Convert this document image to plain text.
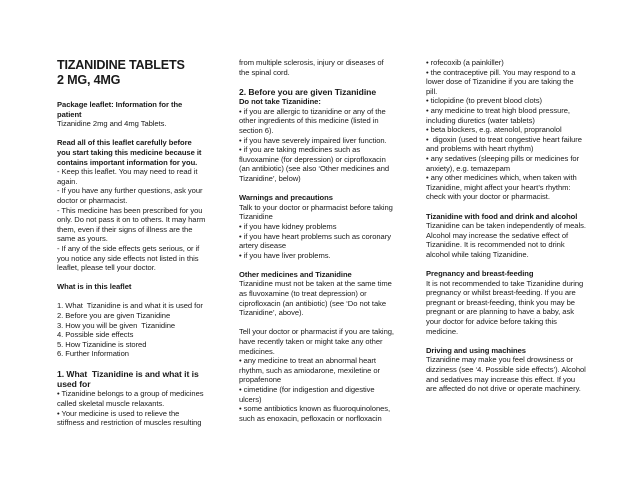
TIZANIDINE TABLETS
2 MG, 4MG
Package leaflet: Information for the patient
Tizanidine 2mg and 4mg Tablets.
Read all of this leaflet carefully before you start taking this medicine because it contains important information for you.
- Keep this leaflet. You may need to read it again.
- If you have any further questions, ask your doctor or pharmacist.
- This medicine has been prescribed for you only. Do not pass it on to others. It may harm them, even if their signs of illness are the same as yours.
- If any of the side effects gets serious, or if you notice any side effects not listed in this leaflet, please tell your doctor.
What is in this leaflet
1. What  Tizanidine is and what it is used for
2. Before you are given Tizanidine
3. How you will be given  Tizanidine
4. Possible side effects
5. How Tizanidine is stored
6. Further Information
1. What  Tizanidine is and what it is used for
• Tizanidine belongs to a group of medicines called skeletal muscle relaxants.
• Your medicine is used to relieve the stiffness and restriction of muscles resulting
from multiple sclerosis, injury or diseases of the spinal cord.
2. Before you are given Tizanidine
Do not take Tizanidine:
• if you are allergic to tizanidine or any of the other ingredients of this medicine (listed in section 6).
• if you have severely impaired liver function.
• if you are taking medicines such as fluvoxamine (for depression) or ciprofloxacin (an antibiotic) (see also ‘Other medicines and Tizanidine’, below)
Warnings and precautions
Talk to your doctor or pharmacist before taking Tizanidine
• if you have kidney problems
• if you have heart problems such as coronary artery disease
• if you have liver problems.
Other medicines and Tizanidine
Tizanidine must not be taken at the same time as fluvoxamine (to treat depression) or ciprofloxacin (an antibiotic) (see ‘Do not take Tizanidine’, above).
Tell your doctor or pharmacist if you are taking, have recently taken or might take any other medicines.
• any medicine to treat an abnormal heart rhythm, such as amiodarone, mexiletine or propafenone
• cimetidine (for indigestion and digestive ulcers)
• some antibiotics known as fluoroquinolones, such as enoxacin, pefloxacin or norfloxacin
• rofecoxib (a painkiller)
• the contraceptive pill. You may respond to a lower dose of Tizanidine if you are taking the pill.
• ticlopidine (to prevent blood clots)
• any medicine to treat high blood pressure, including diuretics (water tablets)
• beta blockers, e.g. atenolol, propranolol
•  digoxin (used to treat congestive heart failure and problems with heart rhythm)
• any sedatives (sleeping pills or medicines for anxiety), e.g. temazepam
• any other medicines which, when taken with Tizanidine, might affect your heart’s rhythm: check with your doctor or pharmacist.
Tizanidine with food and drink and alcohol
Tizanidine can be taken independently of meals. Alcohol may increase the sedative effect of Tizanidine. It is recommended not to drink alcohol while taking Tizanidine.
Pregnancy and breast-feeding
It is not recommended to take Tizanidine during pregnancy or whilst breast-feeding. If you are pregnant or breast-feeding, think you may be pregnant or are planning to have a baby, ask your doctor for advice before taking this medicine.
Driving and using machines
Tizanidine may make you feel drowsiness or dizziness (see ‘4. Possible side effects’). Alcohol and sedatives may increase this effect. If you are affected do not drive or operate machinery.
